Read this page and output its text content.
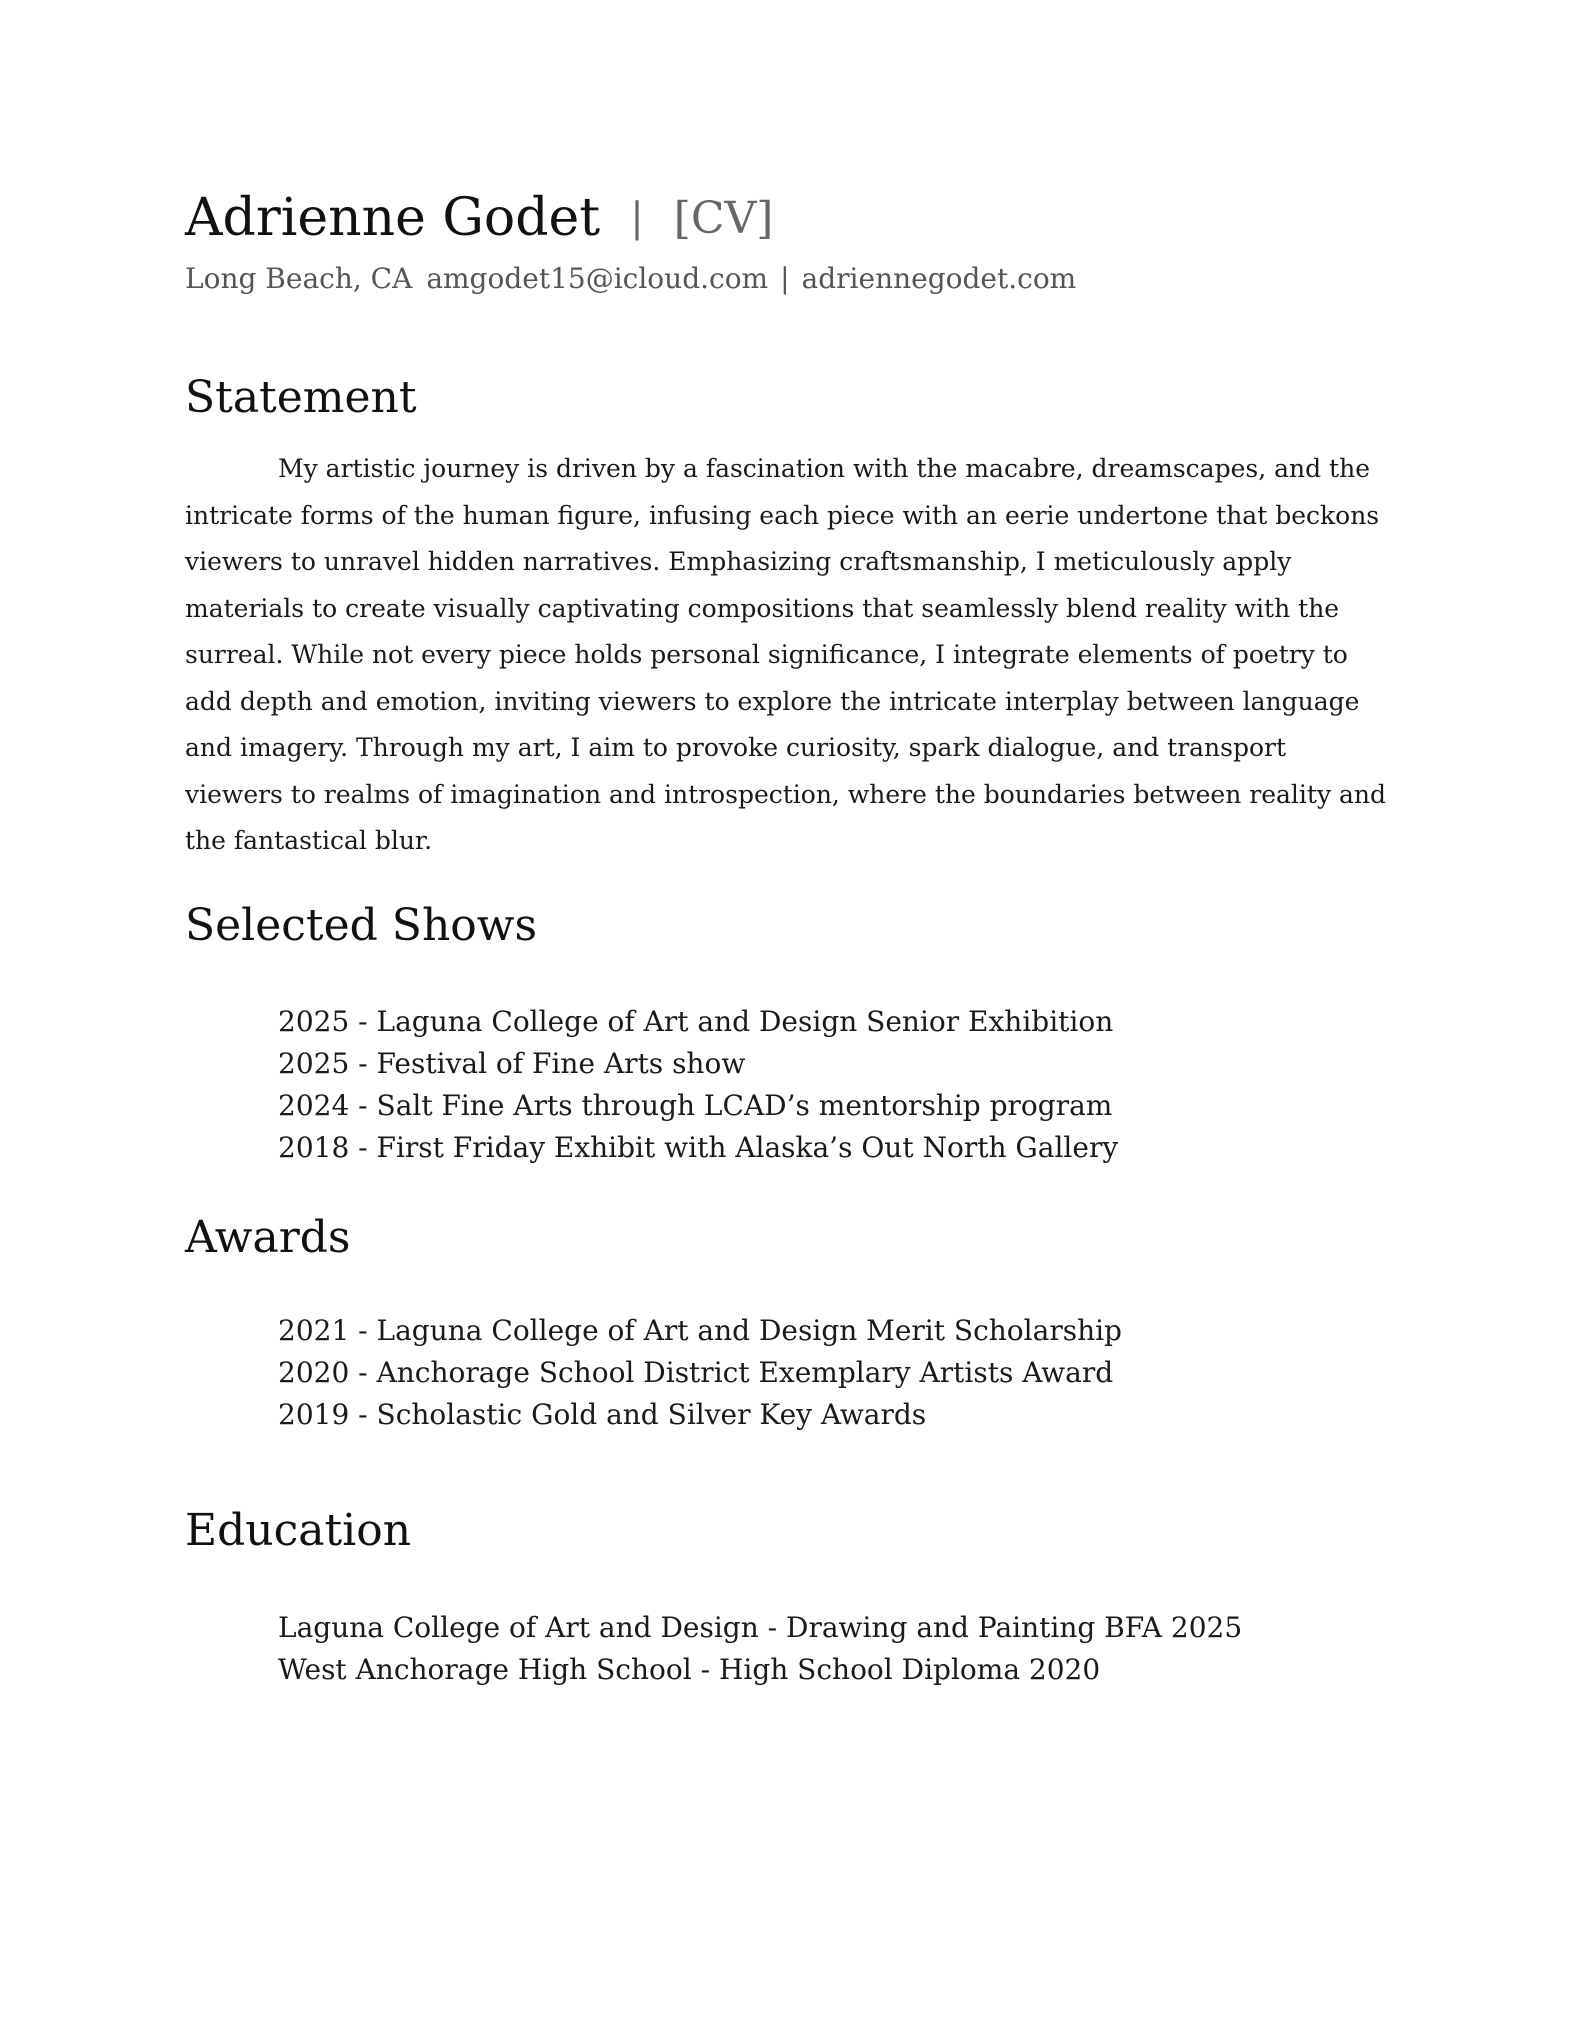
Adrienne Godet | [CV]
Long Beach, CA amgodet15@icloud.com | adriennegodet.com
Statement

My artistic journey is driven by a fascination with the macabre, dreamscapes, and the intricate forms of the human figure, infusing each piece with an eerie undertone that beckons viewers to unravel hidden narratives. Emphasizing craftsmanship, I meticulously apply materials to create visually captivating compositions that seamlessly blend reality with the surreal. While not every piece holds personal significance, I integrate elements of poetry to add depth and emotion, inviting viewers to explore the intricate interplay between language and imagery. Through my art, I aim to provoke curiosity, spark dialogue, and transport viewers to realms of imagination and introspection, where the boundaries between reality and the fantastical blur.

Selected Shows
2025 - Laguna College of Art and Design Senior Exhibition
2025 - Festival of Fine Arts show
2024 - Salt Fine Arts through LCAD’s mentorship program
2018 - First Friday Exhibit with Alaska’s Out North Gallery
Awards
2021 - Laguna College of Art and Design Merit Scholarship
2020 - Anchorage School District Exemplary Artists Award
2019 - Scholastic Gold and Silver Key Awards
Education
Laguna College of Art and Design - Drawing and Painting BFA 2025
West Anchorage High School - High School Diploma 2020
